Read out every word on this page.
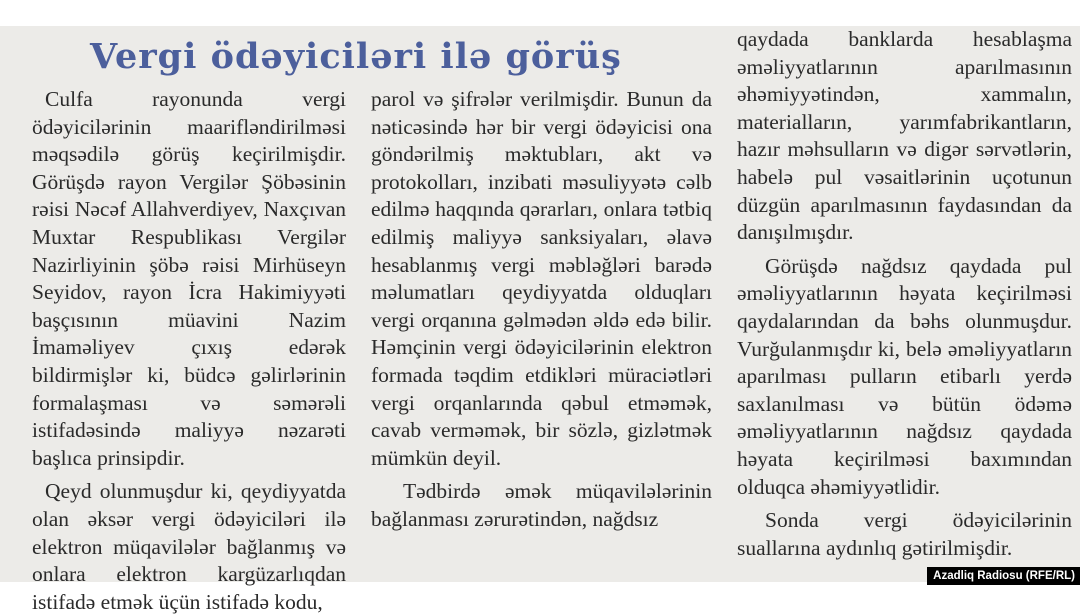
Vergi ödəyiciləri ilə görüş

Culfa rayonunda vergi ödəyicilərinin maarifləndirilməsi məqsədilə görüş keçirilmişdir. Görüşdə rayon Vergilər Şöbəsinin rəisi Nəcəf Allahverdiyev, Naxçıvan Muxtar Respublikası Vergilər Nazirliyinin şöbə rəisi Mirhüseyn Seyidov, rayon İcra Hakimiyyəti başçısının müavini Nazim İmaməliyev çıxış edərək bildirmişlər ki, büdcə gəlirlərinin formalaşması və səmərəli istifadəsində maliyyə nəzarəti başlıca prinsipdir.

Qeyd olunmuşdur ki, qeydiyyatda olan əksər vergi ödəyiciləri ilə elektron müqavilələr bağlanmış və onlara elektron kargüzarlıqdan istifadə etmək üçün istifadə kodu,

parol və şifrələr verilmişdir. Bunun da nəticəsində hər bir vergi ödəyicisi ona göndərilmiş məktubları, akt və protokolları, inzibati məsuliyyətə cəlb edilmə haqqında qərarları, onlara tətbiq edilmiş maliyyə sanksiyaları, əlavə hesablanmış vergi məbləğləri barədə məlumatları qeydiyyatda olduqları vergi orqanına gəlmədən əldə edə bilir. Həmçinin vergi ödəyicilərinin elektron formada təqdim etdikləri müraciətləri vergi orqanlarında qəbul etməmək, cavab verməmək, bir sözlə, gizlətmək mümkün deyil.

Tədbirdə əmək müqavilələrinin bağlanması zərurətindən, nağdsız

qaydada banklarda hesablaşma əməliyyatlarının aparılmasının əhəmiyyətindən, xammalın, materialların, yarımfabrikantların, hazır məhsulların və digər sərvətlərin, habelə pul vəsaitlərinin uçotunun düzgün aparılmasının faydasından da danışılmışdır.

Görüşdə nağdsız qaydada pul əməliyyatlarının həyata keçirilməsi qaydalarından da bəhs olunmuşdur. Vurğulanmışdır ki, belə əməliyyatların aparılması pulların etibarlı yerdə saxlanılması və bütün ödəmə əməliyyatlarının nağdsız qaydada həyata keçirilməsi baxımından olduqca əhəmiyyətlidir.

Sonda vergi ödəyicilərinin suallarına aydınlıq gətirilmişdir.

Azadliq Radiosu (RFE/RL)
